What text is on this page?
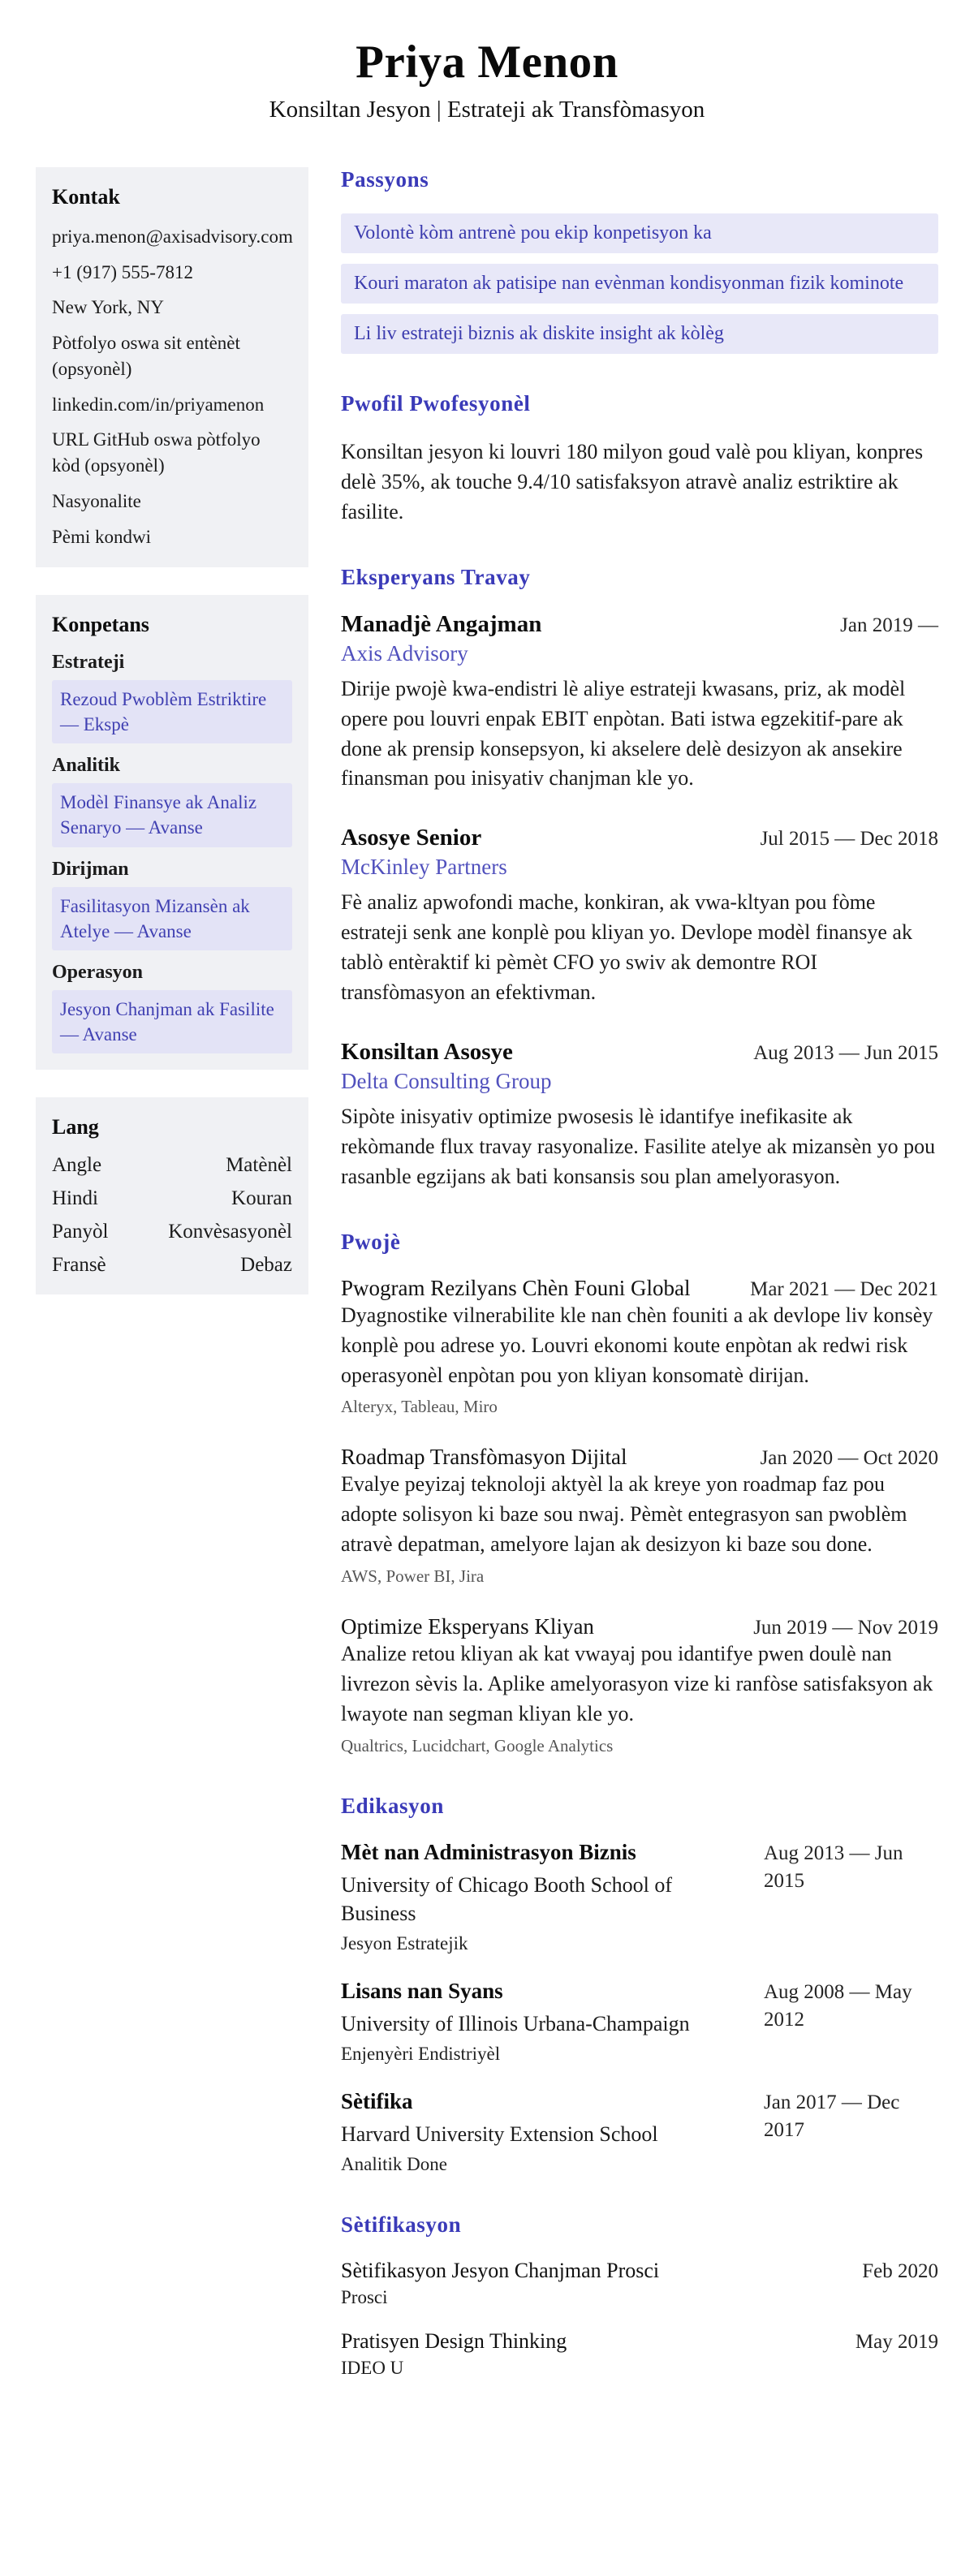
Priya Menon
Konsiltan Jesyon | Estrateji ak Transfòmasyon
Kontak
priya.menon@axisadvisory.com
+1 (917) 555-7812
New York, NY
Pòtfolyo oswa sit entènèt (opsyonèl)
linkedin.com/in/priyamenon
URL GitHub oswa pòtfolyo kòd (opsyonèl)
Nasyonalite
Pèmi kondwi
Konpetans
Estrateji
Rezoud Pwoblèm Estriktire — Ekspè
Analitik
Modèl Finansye ak Analiz Senaryo — Avanse
Dirijman
Fasilitasyon Mizansèn ak Atelye — Avanse
Operasyon
Jesyon Chanjman ak Fasilite — Avanse
Lang
Angle	Matènèl
Hindi	Kouran
Panyòl	Konvèsasyonèl
Fransè	Debaz
Passyons
Volontè kòm antrenè pou ekip konpetisyon ka
Kouri maraton ak patisipe nan evènman kondisyonman fizik kominote
Li liv estrateji biznis ak diskite insight ak kòlèg
Pwofil Pwofesyonèl

Konsiltan jesyon ki louvri 180 milyon goud valè pou kliyan, konpres delè 35%, ak touche 9.4/10 satisfaksyon atravè analiz estriktire ak fasilite.

Eksperyans Travay
Manadjè Angajman	Jan 2019 —
Axis Advisory

Dirije pwojè kwa-endistri lè aliye estrateji kwasans, priz, ak modèl opere pou louvri enpak EBIT enpòtan. Bati istwa egzekitif-pare ak done ak prensip konsepsyon, ki akselere delè desizyon ak ansekire finansman pou inisyativ chanjman kle yo.

Asosye Senior	Jul 2015 — Dec 2018
McKinley Partners

Fè analiz apwofondi mache, konkiran, ak vwa-kltyan pou fòme estrateji senk ane konplè pou kliyan yo. Devlope modèl finansye ak tablò entèraktif ki pèmèt CFO yo swiv ak demontre ROI transfòmasyon an efektivman.

Konsiltan Asosye	Aug 2013 — Jun 2015
Delta Consulting Group

Sipòte inisyativ optimize pwosesis lè idantifye inefikasite ak rekòmande flux travay rasyonalize. Fasilite atelye ak mizansèn yo pou rasanble egzijans ak bati konsansis sou plan amelyorasyon.

Pwojè
Pwogram Rezilyans Chèn Founi Global	Mar 2021 — Dec 2021

Dyagnostike vilnerabilite kle nan chèn founiti a ak devlope liv konsèy konplè pou adrese yo. Louvri ekonomi koute enpòtan ak redwi risk operasyonèl enpòtan pou yon kliyan konsomatè dirijan.

Alteryx, Tableau, Miro
Roadmap Transfòmasyon Dijital	Jan 2020 — Oct 2020

Evalye peyizaj teknoloji aktyèl la ak kreye yon roadmap faz pou adopte solisyon ki baze sou nwaj. Pèmèt entegrasyon san pwoblèm atravè depatman, amelyore lajan ak desizyon ki baze sou done.

AWS, Power BI, Jira
Optimize Eksperyans Kliyan	Jun 2019 — Nov 2019

Analize retou kliyan ak kat vwayaj pou idantifye pwen doulè nan livrezon sèvis la. Aplike amelyorasyon vize ki ranfòse satisfaksyon ak lwayote nan segman kliyan kle yo.

Qualtrics, Lucidchart, Google Analytics
Edikasyon
Mèt nan Administrasyon Biznis
University of Chicago Booth School of Business
Jesyon Estratejik
Aug 2013 — Jun 2015
Lisans nan Syans
University of Illinois Urbana-Champaign
Enjenyèri Endistriyèl
Aug 2008 — May 2012
Sètifika
Harvard University Extension School
Analitik Done
Jan 2017 — Dec 2017
Sètifikasyon
Sètifikasyon Jesyon Chanjman Prosci	Feb 2020
Prosci
Pratisyen Design Thinking	May 2019
IDEO U
